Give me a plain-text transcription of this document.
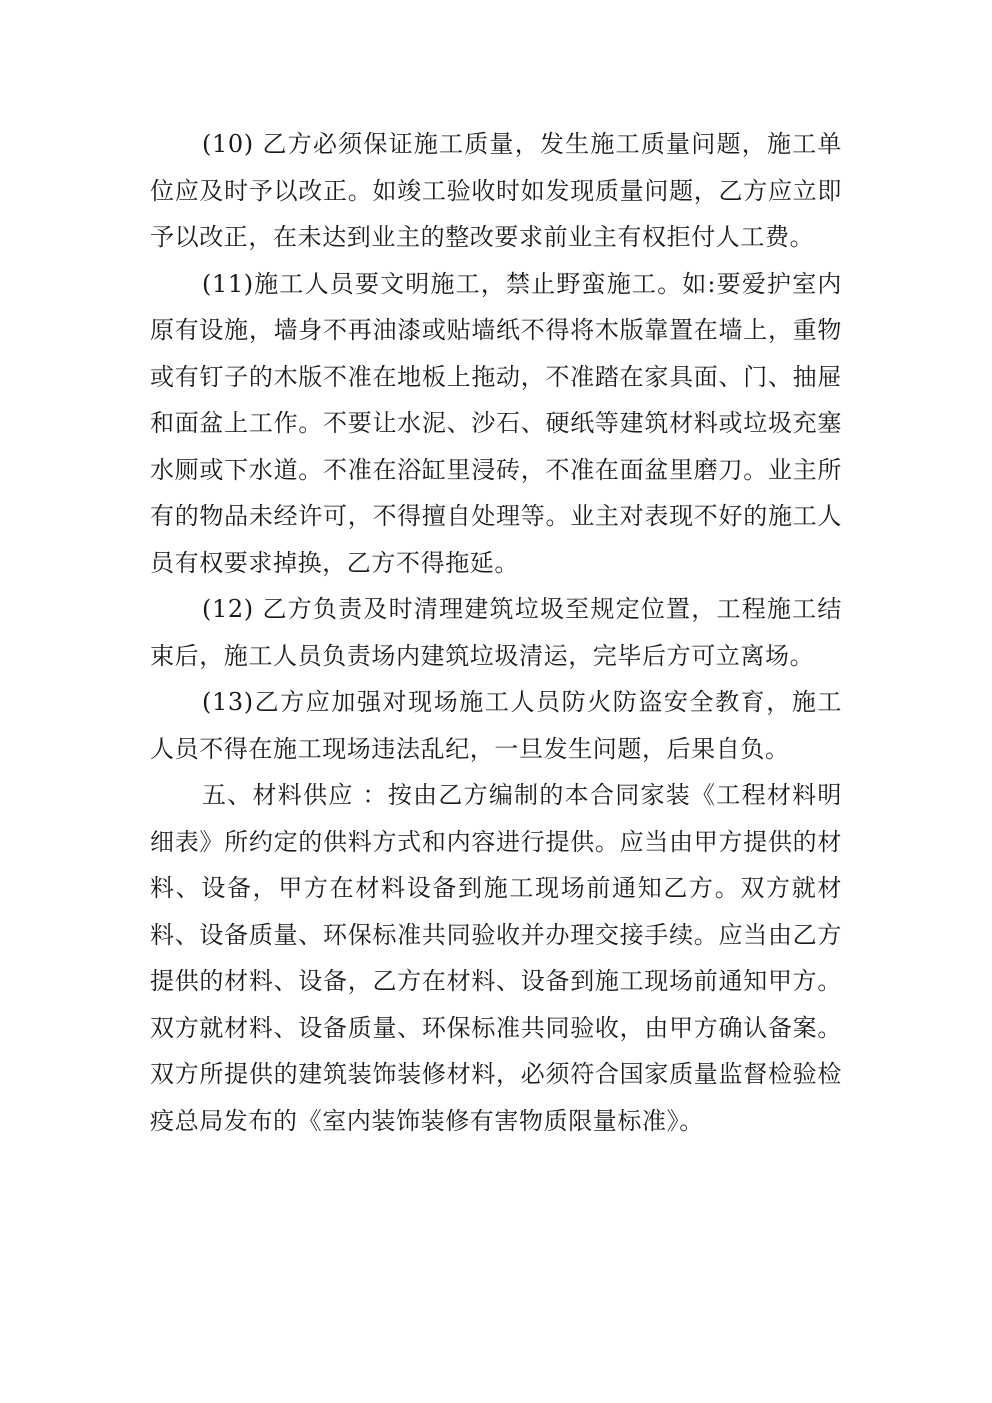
(10) 乙方必须保证施工质量，发生施工质量问题，施工单位应及时予以改正。如竣工验收时如发现质量问题，乙方应立即予以改正，在未达到业主的整改要求前业主有权拒付人工费。

(11)施工人员要文明施工，禁止野蛮施工。如:要爱护室内原有设施，墙身不再油漆或贴墙纸不得将木版靠置在墙上，重物或有钉子的木版不准在地板上拖动，不准踏在家具面、门、抽屉和面盆上工作。不要让水泥、沙石、硬纸等建筑材料或垃圾充塞水厕或下水道。不准在浴缸里浸砖，不准在面盆里磨刀。业主所有的物品未经许可，不得擅自处理等。业主对表现不好的施工人员有权要求掉换，乙方不得拖延。

(12) 乙方负责及时清理建筑垃圾至规定位置，工程施工结束后，施工人员负责场内建筑垃圾清运，完毕后方可立离场。

(13)乙方应加强对现场施工人员防火防盗安全教育，施工人员不得在施工现场违法乱纪，一旦发生问题，后果自负。

五、材料供应 ：按由乙方编制的本合同家装《工程材料明细表》所约定的供料方式和内容进行提供。应当由甲方提供的材料、设备，甲方在材料设备到施工现场前通知乙方。双方就材料、设备质量、环保标准共同验收并办理交接手续。应当由乙方提供的材料、设备，乙方在材料、设备到施工现场前通知甲方。双方就材料、设备质量、环保标准共同验收，由甲方确认备案。 双方所提供的建筑装饰装修材料，必须符合国家质量监督检验检疫总局发布的《室内装饰装修有害物质限量标准》。
